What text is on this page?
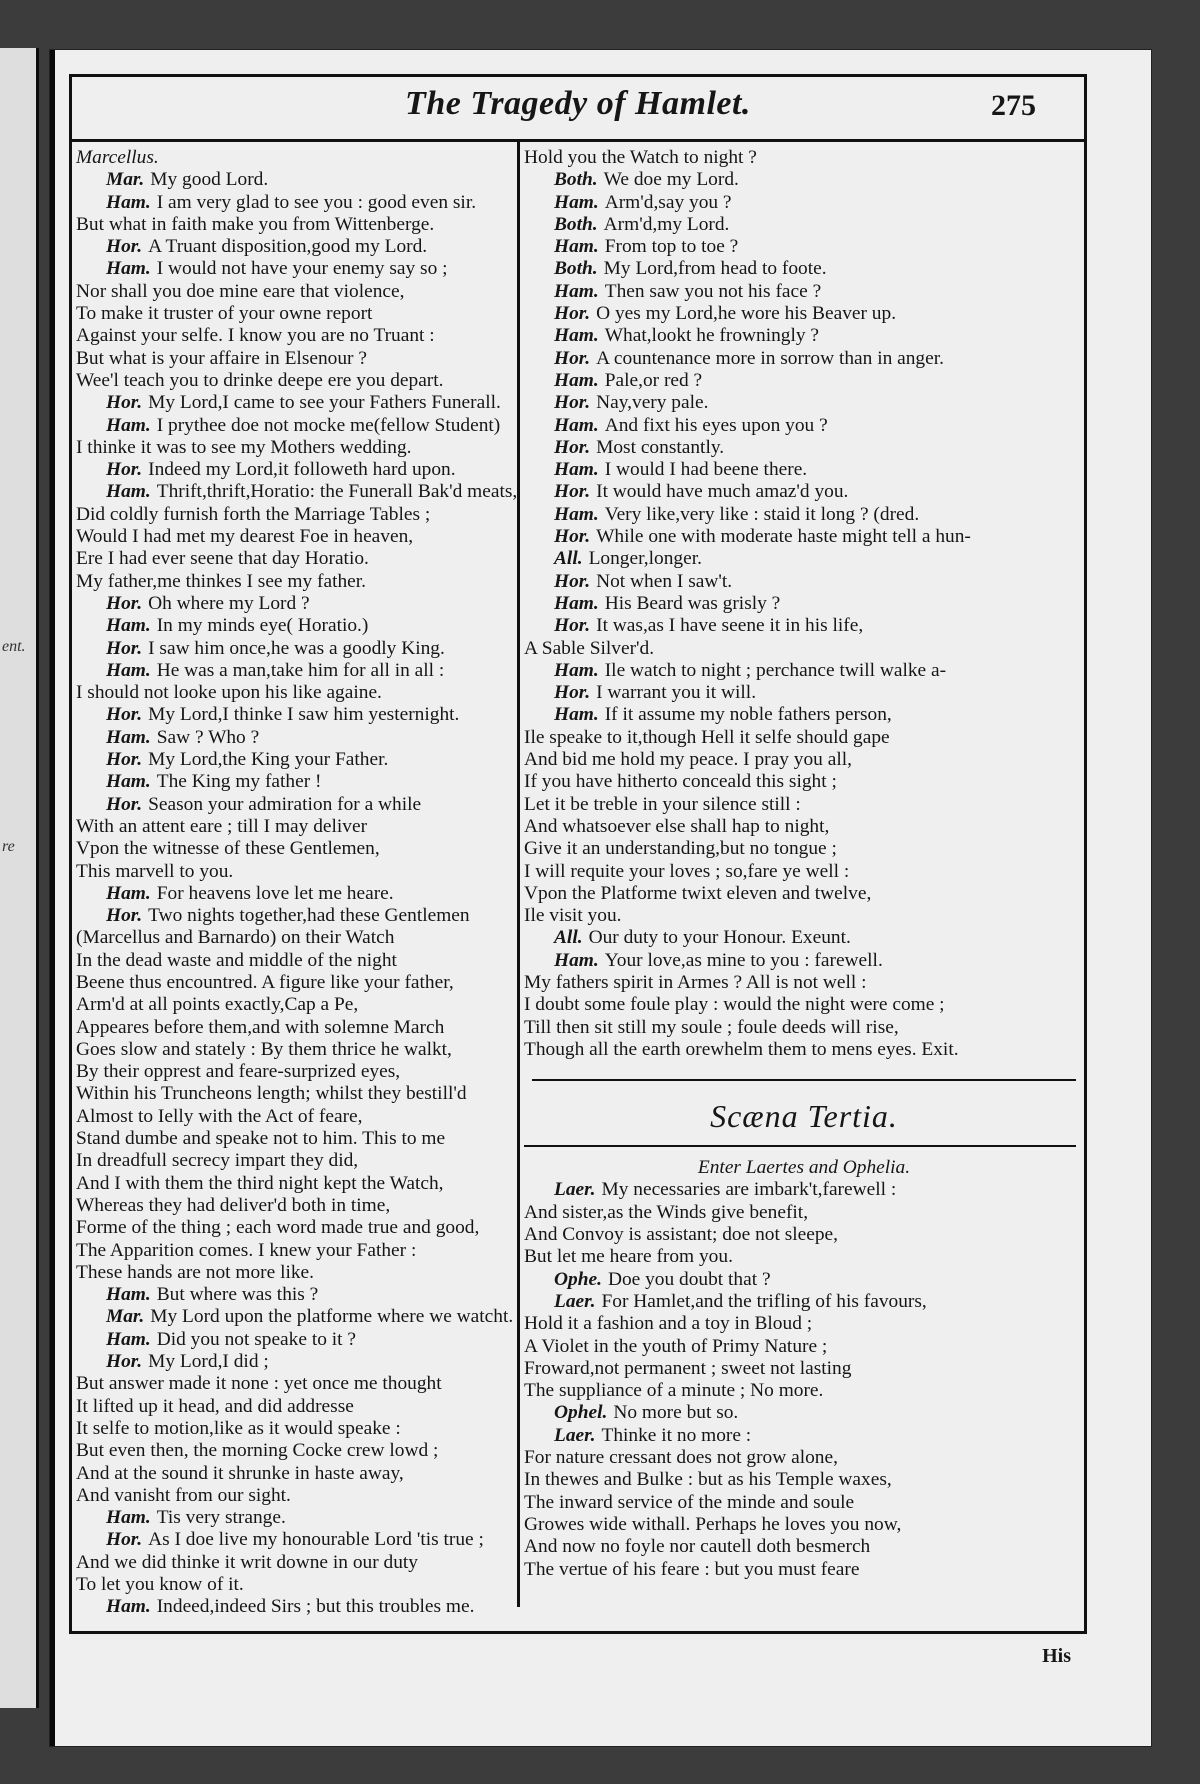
ent.
re
The Tragedy of Hamlet.	275
Marcellus.
Mar. My good Lord.
Ham. I am very glad to see you : good even sir.
But what in faith make you from Wittenberge.
Hor. A Truant disposition,good my Lord.
Ham. I would not have your enemy say so ;
Nor shall you doe mine eare that violence,
To make it truster of your owne report
Against your selfe. I know you are no Truant :
But what is your affaire in Elsenour ?
Wee'l teach you to drinke deepe ere you depart.
Hor. My Lord,I came to see your Fathers Funerall.
Ham. I prythee doe not mocke me(fellow Student)
I thinke it was to see my Mothers wedding.
Hor. Indeed my Lord,it followeth hard upon.
Ham. Thrift,thrift,Horatio: the Funerall Bak'd meats,
Did coldly furnish forth the Marriage Tables ;
Would I had met my dearest Foe in heaven,
Ere I had ever seene that day Horatio.
My father,me thinkes I see my father.
Hor. Oh where my Lord ?
Ham. In my minds eye( Horatio.)
Hor. I saw him once,he was a goodly King.
Ham. He was a man,take him for all in all :
I should not looke upon his like againe.
Hor. My Lord,I thinke I saw him yesternight.
Ham. Saw ? Who ?
Hor. My Lord,the King your Father.
Ham. The King my father !
Hor. Season your admiration for a while
With an attent eare ; till I may deliver
Vpon the witnesse of these Gentlemen,
This marvell to you.
Ham. For heavens love let me heare.
Hor. Two nights together,had these Gentlemen
(Marcellus and Barnardo) on their Watch
In the dead waste and middle of the night
Beene thus encountred. A figure like your father,
Arm'd at all points exactly,Cap a Pe,
Appeares before them,and with solemne March
Goes slow and stately : By them thrice he walkt,
By their opprest and feare-surprized eyes,
Within his Truncheons length; whilst they bestill'd
Almost to Ielly with the Act of feare,
Stand dumbe and speake not to him. This to me
In dreadfull secrecy impart they did,
And I with them the third night kept the Watch,
Whereas they had deliver'd both in time,
Forme of the thing ; each word made true and good,
The Apparition comes. I knew your Father :
These hands are not more like.
Ham. But where was this ?
Mar. My Lord upon the platforme where we watcht.
Ham. Did you not speake to it ?
Hor. My Lord,I did ;
But answer made it none : yet once me thought
It lifted up it head, and did addresse
It selfe to motion,like as it would speake :
But even then, the morning Cocke crew lowd ;
And at the sound it shrunke in haste away,
And vanisht from our sight.
Ham. Tis very strange.
Hor. As I doe live my honourable Lord 'tis true ;
And we did thinke it writ downe in our duty
To let you know of it.
Ham. Indeed,indeed Sirs ; but this troubles me.
Hold you the Watch to night ?
Both. We doe my Lord.
Ham. Arm'd,say you ?
Both. Arm'd,my Lord.
Ham. From top to toe ?
Both. My Lord,from head to foote.
Ham. Then saw you not his face ?
Hor. O yes my Lord,he wore his Beaver up.
Ham. What,lookt he frowningly ?
Hor. A countenance more in sorrow than in anger.
Ham. Pale,or red ?
Hor. Nay,very pale.
Ham. And fixt his eyes upon you ?
Hor. Most constantly.
Ham. I would I had beene there.
Hor. It would have much amaz'd you.
Ham. Very like,very like : staid it long ? (dred.
Hor. While one with moderate haste might tell a hun-
All. Longer,longer.
Hor. Not when I saw't.
Ham. His Beard was grisly ?
Hor. It was,as I have seene it in his life,
A Sable Silver'd.
Ham. Ile watch to night ; perchance twill walke a-
Hor. I warrant you it will.
Ham. If it assume my noble fathers person,
Ile speake to it,though Hell it selfe should gape
And bid me hold my peace. I pray you all,
If you have hitherto conceald this sight ;
Let it be treble in your silence still :
And whatsoever else shall hap to night,
Give it an understanding,but no tongue ;
I will requite your loves ; so,fare ye well :
Vpon the Platforme twixt eleven and twelve,
Ile visit you.
All. Our duty to your Honour. Exeunt.
Ham. Your love,as mine to you : farewell.
My fathers spirit in Armes ? All is not well :
I doubt some foule play : would the night were come ;
Till then sit still my soule ; foule deeds will rise,
Though all the earth orewhelm them to mens eyes. Exit.
Scæna Tertia.
Enter Laertes and Ophelia.
Laer. My necessaries are imbark't,farewell :
And sister,as the Winds give benefit,
And Convoy is assistant; doe not sleepe,
But let me heare from you.
Ophe. Doe you doubt that ?
Laer. For Hamlet,and the trifling of his favours,
Hold it a fashion and a toy in Bloud ;
A Violet in the youth of Primy Nature ;
Froward,not permanent ; sweet not lasting
The suppliance of a minute ; No more.
Ophel. No more but so.
Laer. Thinke it no more :
For nature cressant does not grow alone,
In thewes and Bulke : but as his Temple waxes,
The inward service of the minde and soule
Growes wide withall. Perhaps he loves you now,
And now no foyle nor cautell doth besmerch
The vertue of his feare : but you must feare
His
